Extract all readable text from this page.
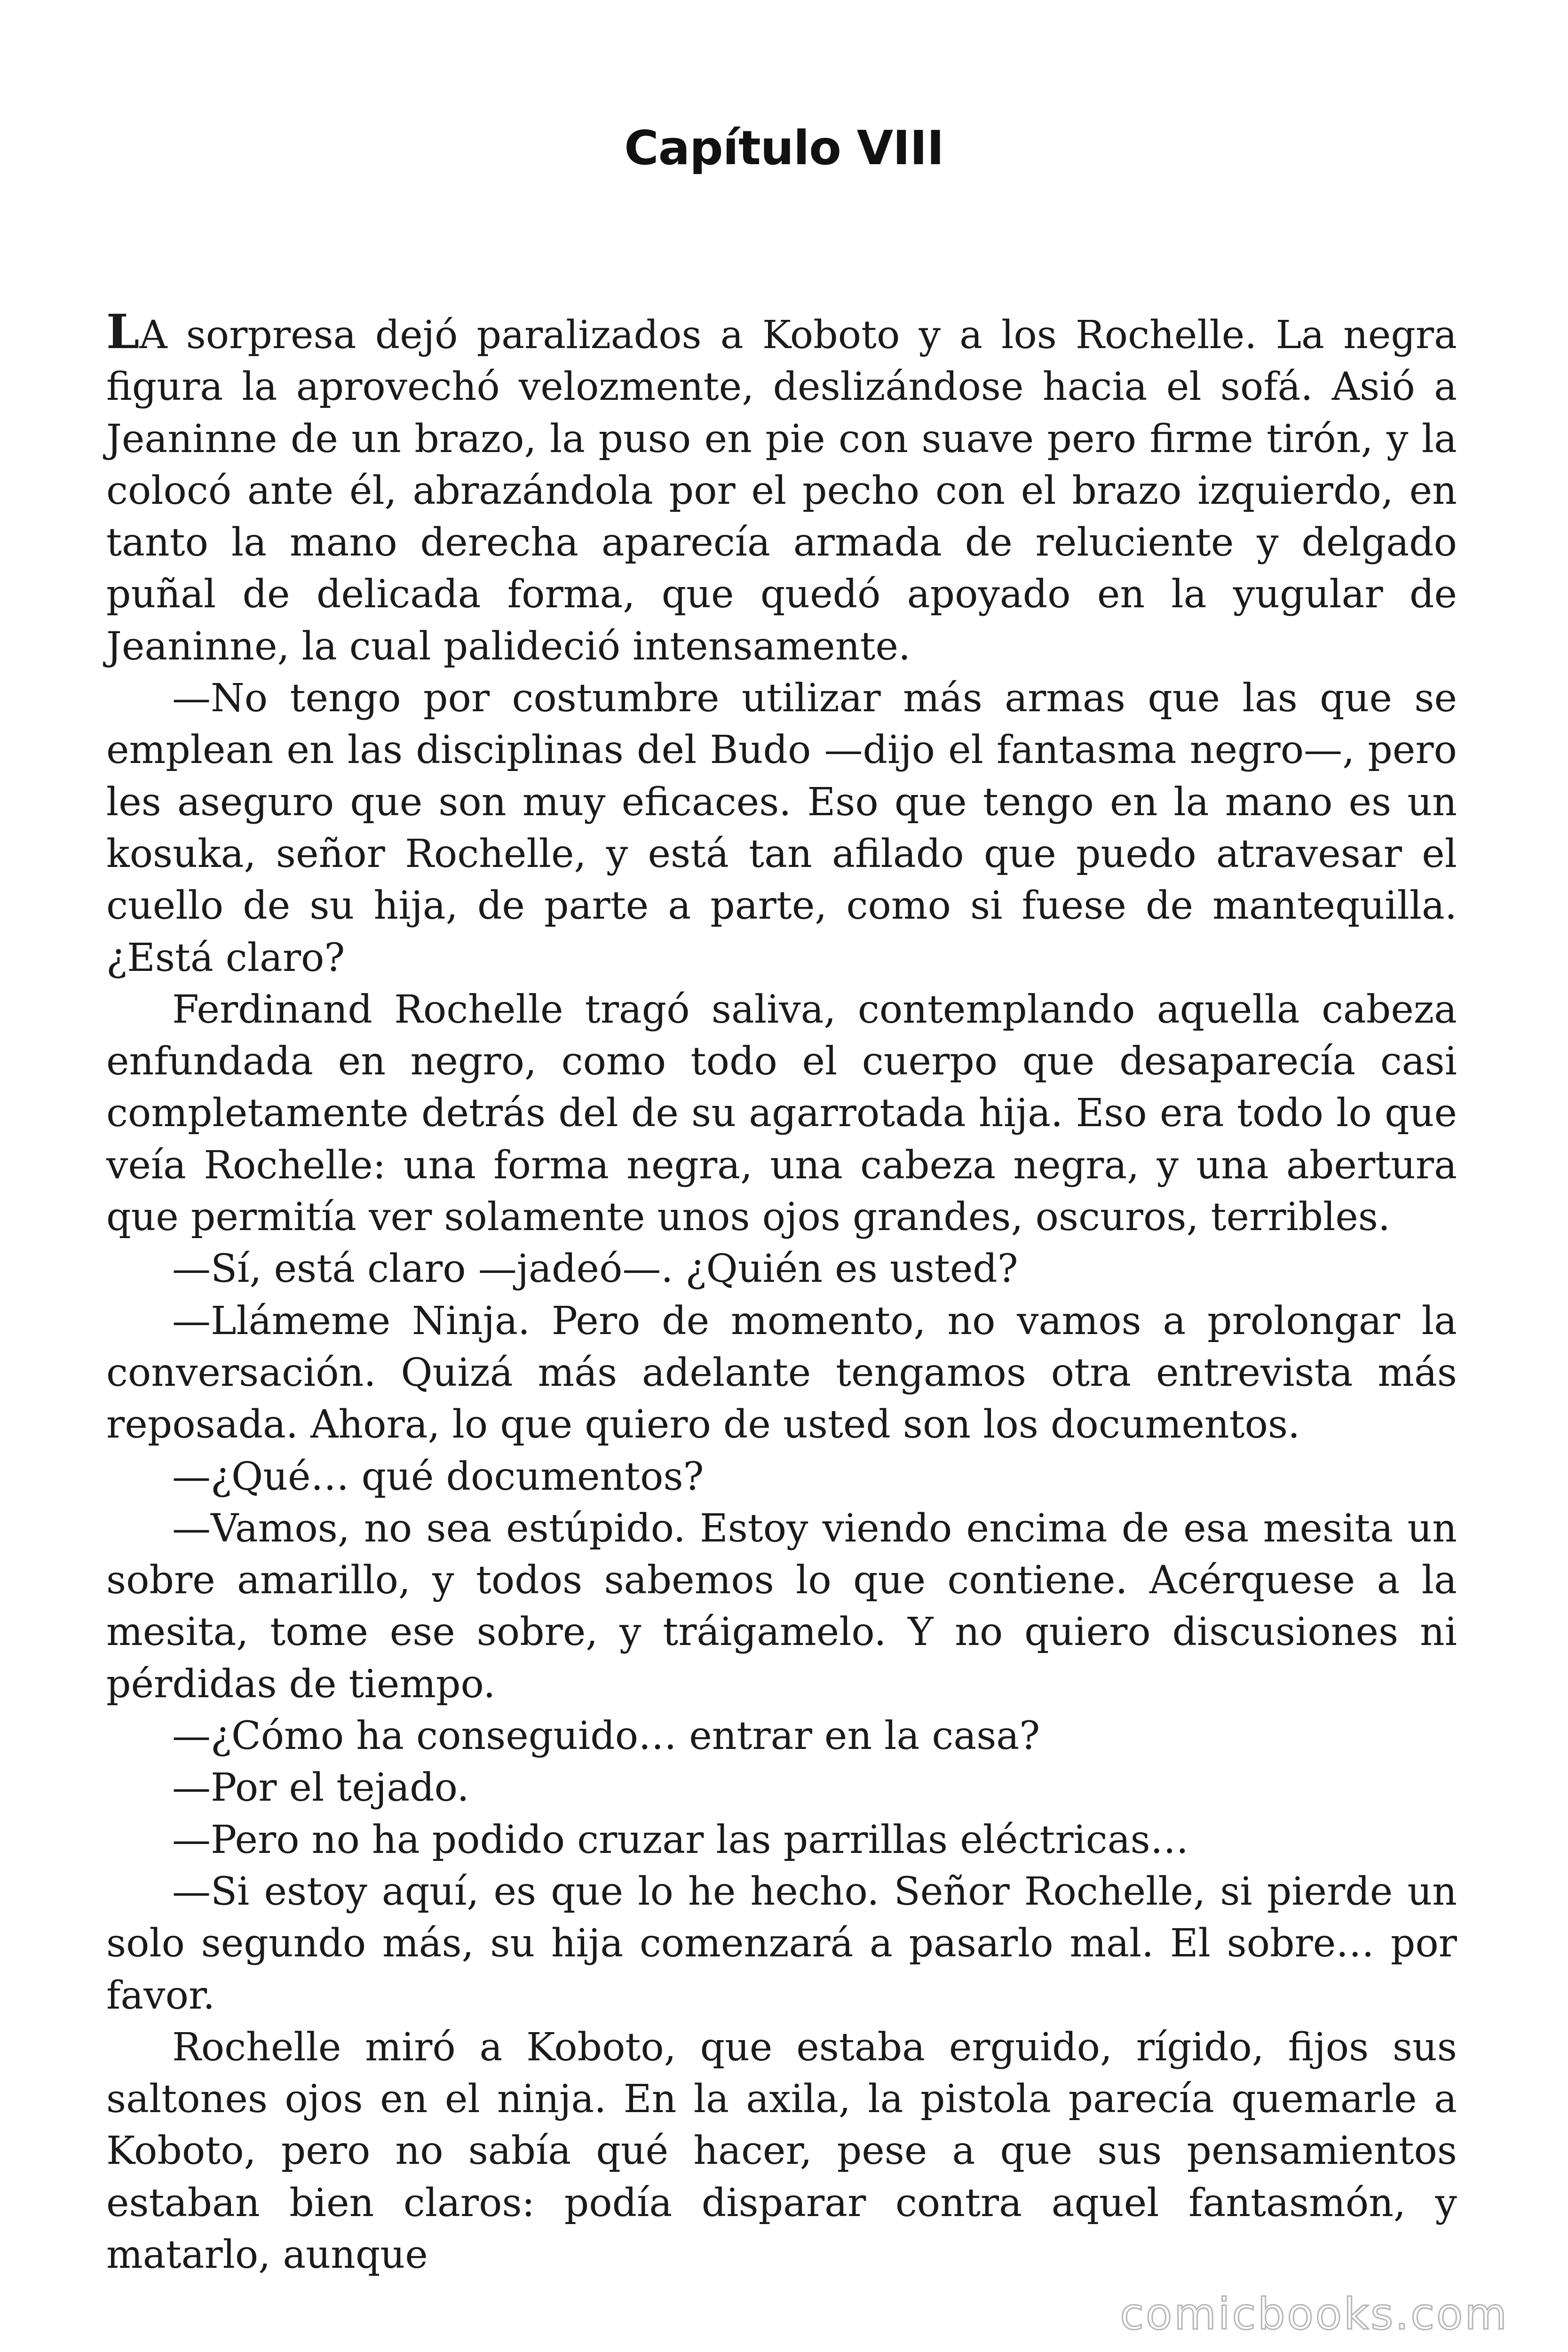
Capítulo VIII

LA sorpresa dejó paralizados a Koboto y a los Rochelle. La negra figura la aprovechó velozmente, deslizándose hacia el sofá. Asió a Jeaninne de un brazo, la puso en pie con suave pero firme tirón, y la colocó ante él, abrazándola por el pecho con el brazo izquierdo, en tanto la mano derecha aparecía armada de reluciente y delgado puñal de delicada forma, que quedó apoyado en la yugular de Jeaninne, la cual palideció intensamente.

—No tengo por costumbre utilizar más armas que las que se emplean en las disciplinas del Budo —dijo el fantasma negro—, pero les aseguro que son muy eficaces. Eso que tengo en la mano es un kosuka, señor Rochelle, y está tan afilado que puedo atravesar el cuello de su hija, de parte a parte, como si fuese de mantequilla. ¿Está claro?

Ferdinand Rochelle tragó saliva, contemplando aquella cabeza enfundada en negro, como todo el cuerpo que desaparecía casi completamente detrás del de su agarrotada hija. Eso era todo lo que veía Rochelle: una forma negra, una cabeza negra, y una abertura que permitía ver solamente unos ojos grandes, oscuros, terribles.

—Sí, está claro —jadeó—. ¿Quién es usted?

—Llámeme Ninja. Pero de momento, no vamos a prolongar la conversación. Quizá más adelante tengamos otra entrevista más reposada. Ahora, lo que quiero de usted son los documentos.

—¿Qué… qué documentos?

—Vamos, no sea estúpido. Estoy viendo encima de esa mesita un sobre amarillo, y todos sabemos lo que contiene. Acérquese a la mesita, tome ese sobre, y tráigamelo. Y no quiero discusiones ni pérdidas de tiempo.

—¿Cómo ha conseguido… entrar en la casa?

—Por el tejado.

—Pero no ha podido cruzar las parrillas eléctricas…

—Si estoy aquí, es que lo he hecho. Señor Rochelle, si pierde un solo segundo más, su hija comenzará a pasarlo mal. El sobre… por favor.

Rochelle miró a Koboto, que estaba erguido, rígido, fijos sus saltones ojos en el ninja. En la axila, la pistola parecía quemarle a Koboto, pero no sabía qué hacer, pese a que sus pensamientos estaban bien claros: podía disparar contra aquel fantasmón, y matarlo, aunque

comicbooks.com
